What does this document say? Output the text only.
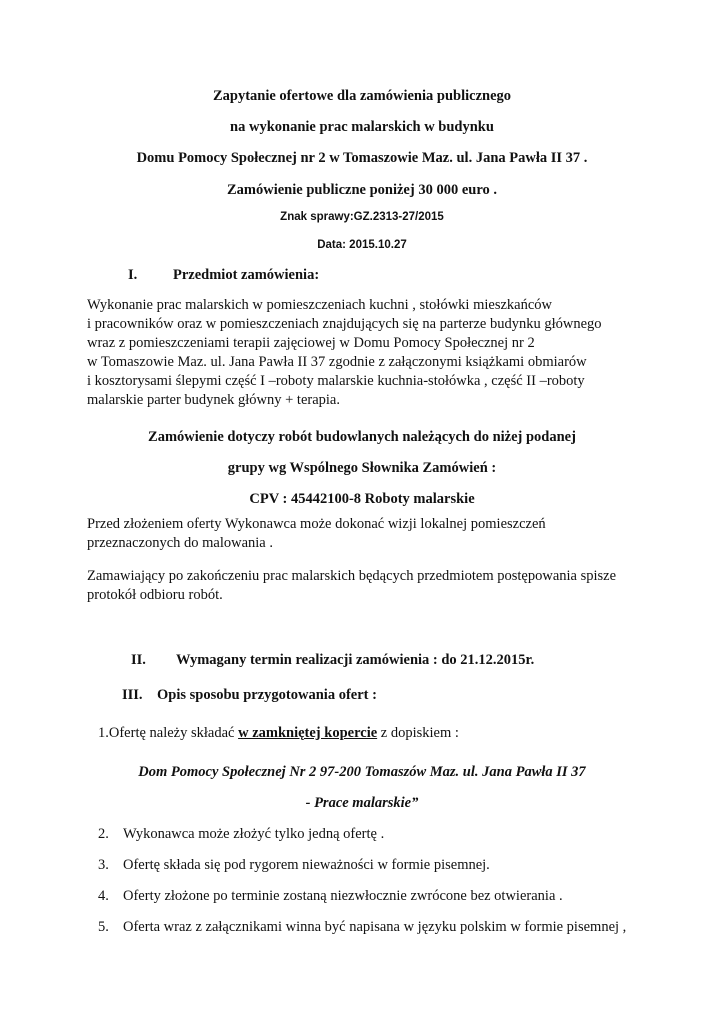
Zapytanie ofertowe dla zamówienia publicznego
na wykonanie prac malarskich w budynku
Domu Pomocy Społecznej nr 2 w Tomaszowie Maz. ul. Jana Pawła II 37 .
Zamówienie publiczne poniżej 30 000 euro .
Znak sprawy:GZ.2313-27/2015
Data: 2015.10.27
I. Przedmiot zamówienia:
Wykonanie prac malarskich w pomieszczeniach kuchni , stołówki mieszkańców
i pracowników oraz w pomieszczeniach znajdujących się na parterze budynku głównego
wraz z pomieszczeniami terapii zajęciowej w Domu Pomocy Społecznej nr 2
w Tomaszowie Maz. ul. Jana Pawła II 37 zgodnie z załączonymi książkami obmiarów
i kosztorysami ślepymi część I –roboty malarskie kuchnia-stołówka , część II –roboty
malarskie parter budynek główny + terapia.
Zamówienie dotyczy robót budowlanych należących do niżej podanej
grupy wg Wspólnego Słownika Zamówień :
CPV : 45442100-8 Roboty malarskie
Przed złożeniem oferty Wykonawca może dokonać wizji lokalnej pomieszczeń
przeznaczonych do malowania .
Zamawiający po zakończeniu prac malarskich będących przedmiotem postępowania spisze
protokół odbioru robót.
II. Wymagany termin realizacji zamówienia : do 21.12.2015r.
III. Opis sposobu przygotowania ofert :
1.Ofertę należy składać w zamkniętej kopercie z dopiskiem :
Dom Pomocy Społecznej Nr 2 97-200 Tomaszów Maz. ul. Jana Pawła II 37
- Prace malarskie”
2. Wykonawca może złożyć tylko jedną ofertę .
3. Ofertę składa się pod rygorem nieważności w formie pisemnej.
4. Oferty złożone po terminie zostaną niezwłocznie zwrócone bez otwierania .
5. Oferta wraz z załącznikami winna być napisana w języku polskim w formie pisemnej ,
